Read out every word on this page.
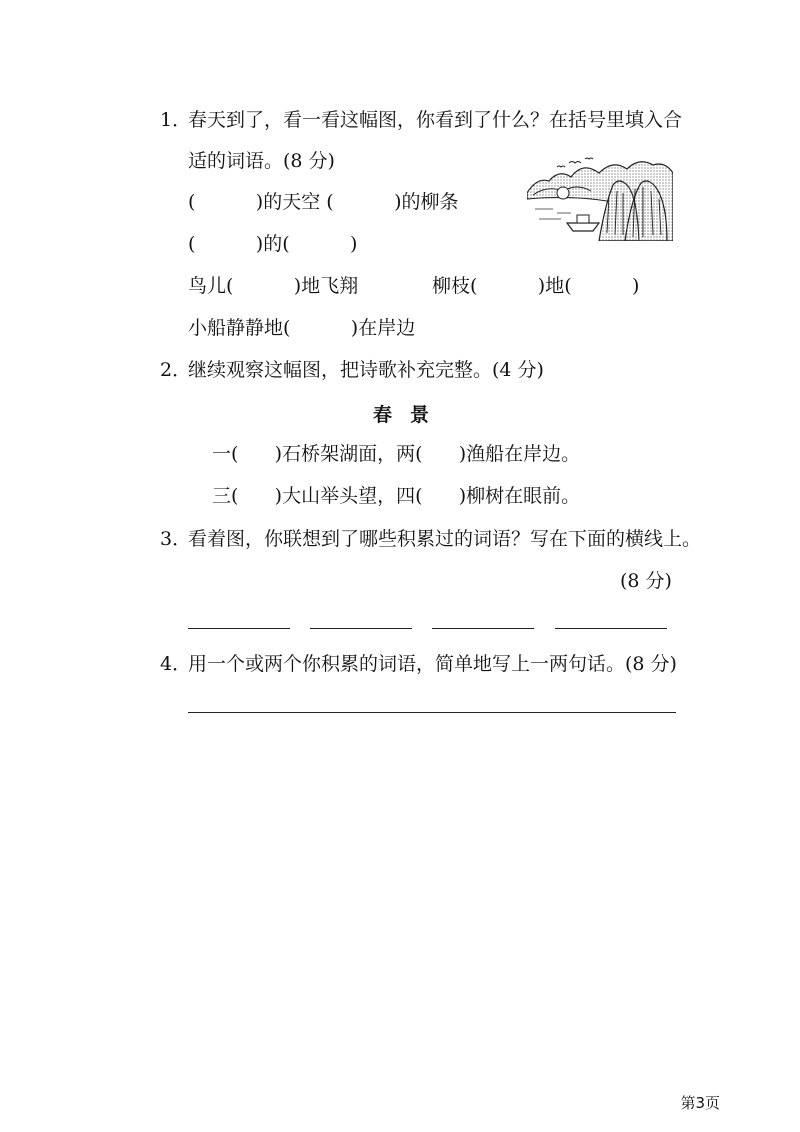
1．
春天到了，看一看这幅图，你看到了什么？在括号里填入合
适的词语。(8 分)
(          )的天空 (          )的柳条
(          )的(          )
鸟儿(          )地飞翔	柳枝(          )地(          )
小船静静地(          )在岸边
2．
继续观察这幅图，把诗歌补充完整。(4 分)
春景
一(      )石桥架湖面，两(      )渔船在岸边。
三(      )大山举头望，四(      )柳树在眼前。
3．
看着图，你联想到了哪些积累过的词语？写在下面的横线上。
(8 分)
4．
用一个或两个你积累的词语，简单地写上一两句话。(8 分)
第3页
